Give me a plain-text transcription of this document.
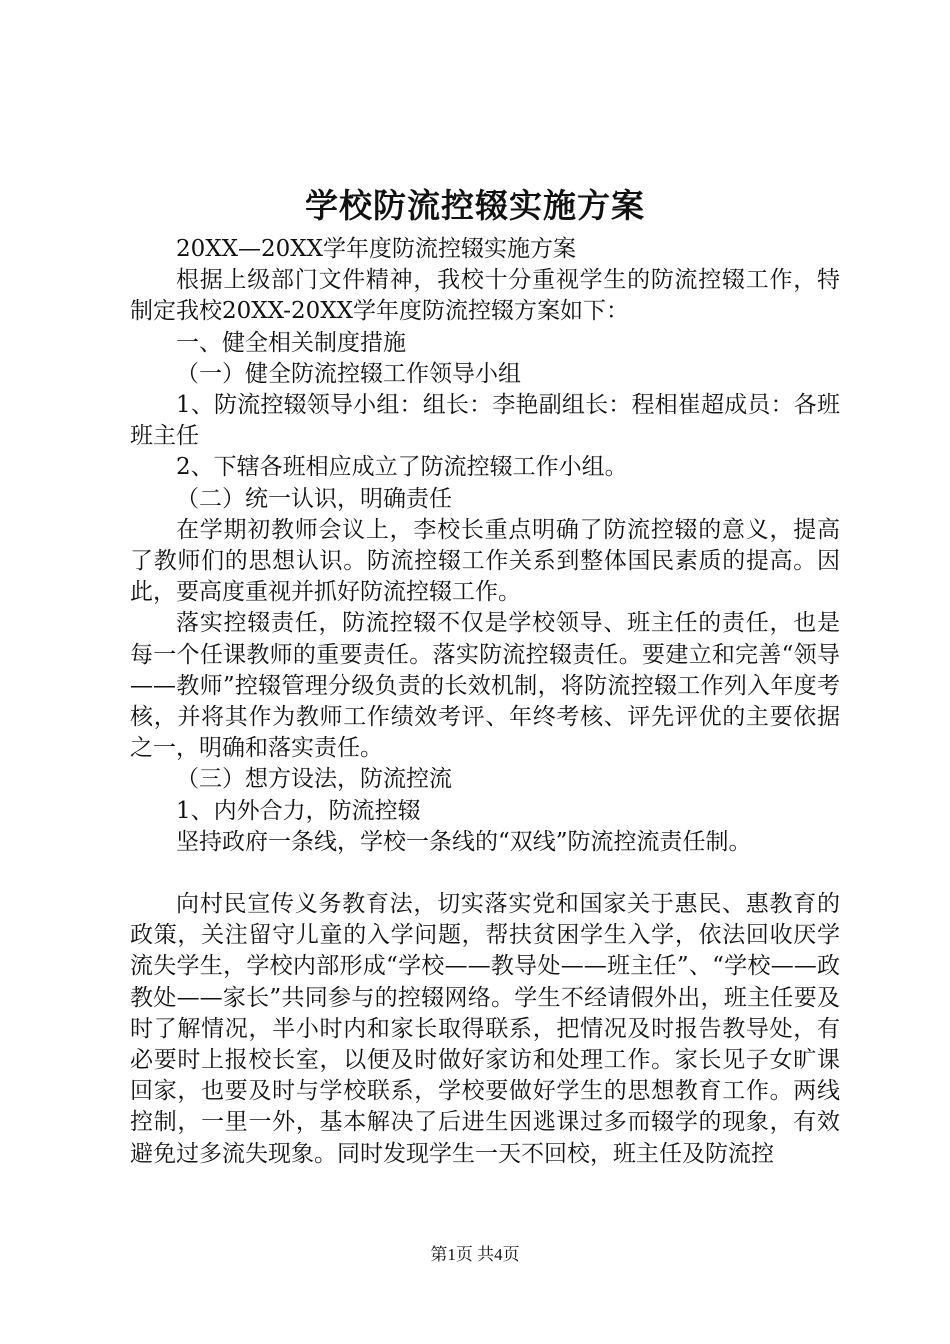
学校防流控辍实施方案

20XX—20XX学年度防流控辍实施方案

根据上级部门文件精神，我校十分重视学生的防流控辍工作，特制定我校20XX-20XX学年度防流控辍方案如下：

一、健全相关制度措施

（一）健全防流控辍工作领导小组

1、防流控辍领导小组：组长：李艳副组长：程相崔超成员：各班班主任

2、下辖各班相应成立了防流控辍工作小组。

（二）统一认识，明确责任

在学期初教师会议上，李校长重点明确了防流控辍的意义，提高了教师们的思想认识。防流控辍工作关系到整体国民素质的提高。因此，要高度重视并抓好防流控辍工作。

落实控辍责任，防流控辍不仅是学校领导、班主任的责任，也是每一个任课教师的重要责任。落实防流控辍责任。要建立和完善“领导——教师”控辍管理分级负责的长效机制，将防流控辍工作列入年度考核，并将其作为教师工作绩效考评、年终考核、评先评优的主要依据之一，明确和落实责任。

（三）想方设法，防流控流

1、内外合力，防流控辍

坚持政府一条线，学校一条线的“双线”防流控流责任制。

向村民宣传义务教育法，切实落实党和国家关于惠民、惠教育的政策，关注留守儿童的入学问题，帮扶贫困学生入学，依法回收厌学流失学生，学校内部形成“学校——教导处——班主任”、“学校——政教处——家长”共同参与的控辍网络。学生不经请假外出，班主任要及时了解情况，半小时内和家长取得联系，把情况及时报告教导处，有必要时上报校长室，以便及时做好家访和处理工作。家长见子女旷课回家，也要及时与学校联系，学校要做好学生的思想教育工作。两线控制，一里一外，基本解决了后进生因逃课过多而辍学的现象，有效避免过多流失现象。同时发现学生一天不回校，班主任及防流控

第1页 共4页
